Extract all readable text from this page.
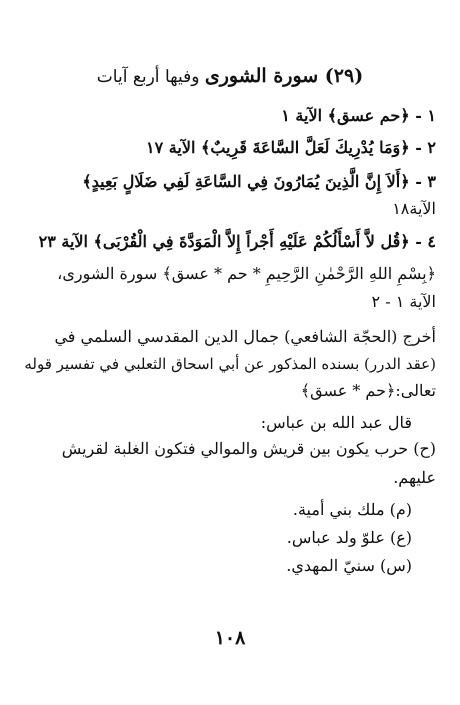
(٢٩) سورة الشورى وفيها أربع آيات
١ - ﴿حم عسق﴾ الآية ١
٢ - ﴿وَمَا يُدْرِيكَ لَعَلَّ السَّاعَةَ قَرِيبٌ﴾ الآية ١٧
٣ - ﴿أَلاَ إِنَّ الَّذِينَ يُمَارُونَ فِي السَّاعَةِ لَفِي ضَلَالٍ بَعِيدٍ﴾
الآية١٨
٤ - ﴿قُل لاَّ أَسْأَلُكُمْ عَلَيْهِ أَجْراً إِلاَّ الْمَوَدَّةَ فِي الْقُرْبَى﴾ الآية ٢٣
﴿بِسْمِ اللهِ الرَّحْمٰنِ الرَّحِيمِ * حم * عسق﴾ سورة الشورى،
الآية ١ - ٢
أخرج (الحجّة الشافعي) جمال الدين المقدسي السلمي في
(عقد الدرر) بسنده المذكور عن أبي اسحاق الثعلبي في تفسير قوله
تعالى:﴿حم * عسق﴾
قال عبد الله بن عباس:
(ح) حرب يكون بين قريش والموالي فتكون الغلبة لقريش
عليهم.
(م) ملك بني أمية.
(ع) علوّ ولد عباس.
(س) سنيّ المهدي.
١٠٨
